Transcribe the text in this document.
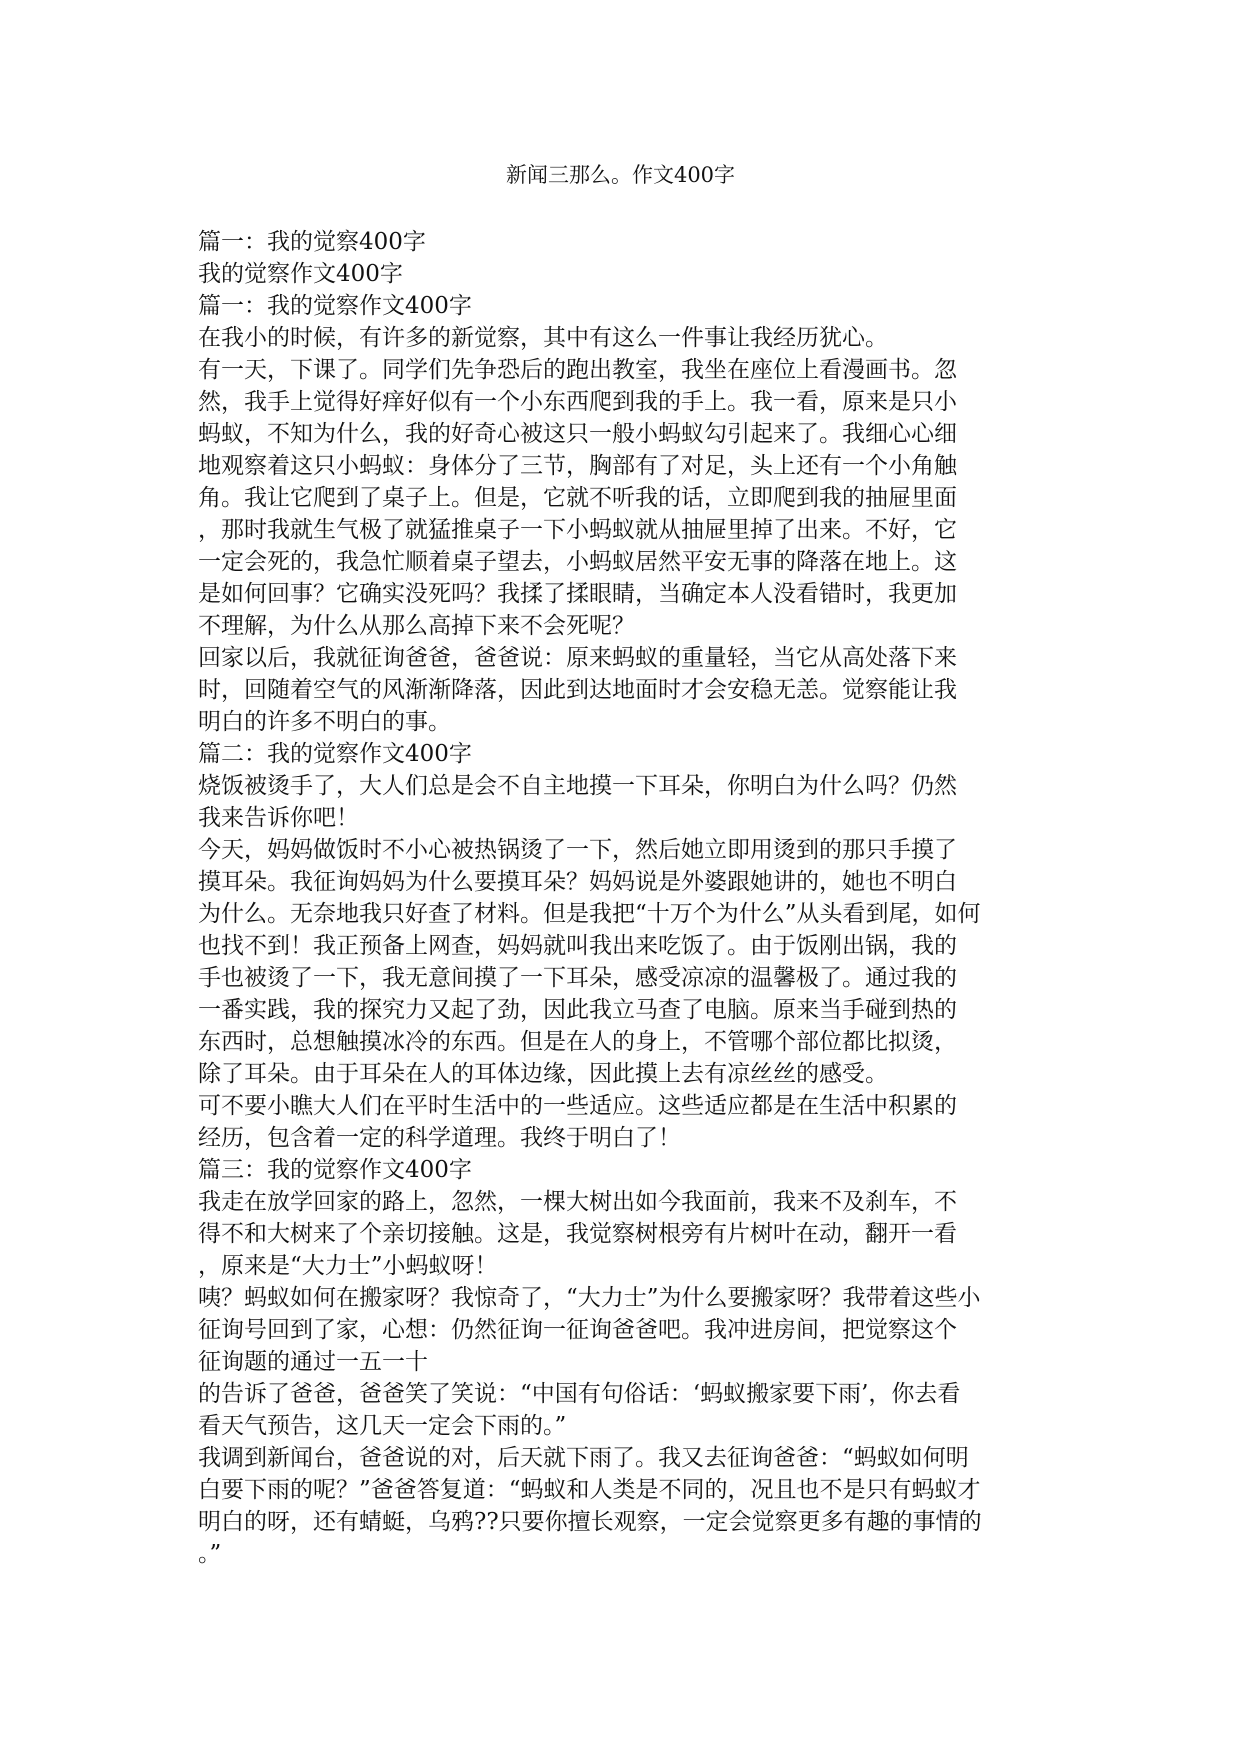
新闻三那么。作文400字

篇一：我的觉察400字

我的觉察作文400字

篇一：我的觉察作文400字

在我小的时候，有许多的新觉察，其中有这么一件事让我经历犹心。

有一天，下课了。同学们先争恐后的跑出教室，我坐在座位上看漫画书。忽

然，我手上觉得好痒好似有一个小东西爬到我的手上。我一看，原来是只小

蚂蚁，不知为什么，我的好奇心被这只一般小蚂蚁勾引起来了。我细心心细

地观察着这只小蚂蚁：身体分了三节，胸部有了对足，头上还有一个小角触

角。我让它爬到了桌子上。但是，它就不听我的话，立即爬到我的抽屉里面

，那时我就生气极了就猛推桌子一下小蚂蚁就从抽屉里掉了出来。不好，它

一定会死的，我急忙顺着桌子望去，小蚂蚁居然平安无事的降落在地上。这

是如何回事？它确实没死吗？我揉了揉眼睛，当确定本人没看错时，我更加

不理解，为什么从那么高掉下来不会死呢？

回家以后，我就征询爸爸，爸爸说：原来蚂蚁的重量轻，当它从高处落下来

时，回随着空气的风渐渐降落，因此到达地面时才会安稳无恙。觉察能让我

明白的许多不明白的事。

篇二：我的觉察作文400字

烧饭被烫手了，大人们总是会不自主地摸一下耳朵，你明白为什么吗？仍然

我来告诉你吧！

今天，妈妈做饭时不小心被热锅烫了一下，然后她立即用烫到的那只手摸了

摸耳朵。我征询妈妈为什么要摸耳朵？妈妈说是外婆跟她讲的，她也不明白

为什么。无奈地我只好查了材料。但是我把“十万个为什么”从头看到尾，如何

也找不到！我正预备上网查，妈妈就叫我出来吃饭了。由于饭刚出锅，我的

手也被烫了一下，我无意间摸了一下耳朵，感受凉凉的温馨极了。通过我的

一番实践，我的探究力又起了劲，因此我立马查了电脑。原来当手碰到热的

东西时，总想触摸冰冷的东西。但是在人的身上，不管哪个部位都比拟烫，

除了耳朵。由于耳朵在人的耳体边缘，因此摸上去有凉丝丝的感受。

可不要小瞧大人们在平时生活中的一些适应。这些适应都是在生活中积累的

经历，包含着一定的科学道理。我终于明白了！

篇三：我的觉察作文400字

我走在放学回家的路上，忽然，一棵大树出如今我面前，我来不及刹车，不

得不和大树来了个亲切接触。这是，我觉察树根旁有片树叶在动，翻开一看

，原来是“大力士”小蚂蚁呀！

咦？蚂蚁如何在搬家呀？我惊奇了，“大力士”为什么要搬家呀？我带着这些小

征询号回到了家，心想：仍然征询一征询爸爸吧。我冲进房间，把觉察这个

征询题的通过一五一十

的告诉了爸爸，爸爸笑了笑说：“中国有句俗话：‘蚂蚁搬家要下雨’，你去看

看天气预告，这几天一定会下雨的。”

我调到新闻台，爸爸说的对，后天就下雨了。我又去征询爸爸：“蚂蚁如何明

白要下雨的呢？”爸爸答复道：“蚂蚁和人类是不同的，况且也不是只有蚂蚁才

明白的呀，还有蜻蜓，乌鸦??只要你擅长观察，一定会觉察更多有趣的事情的

。”
